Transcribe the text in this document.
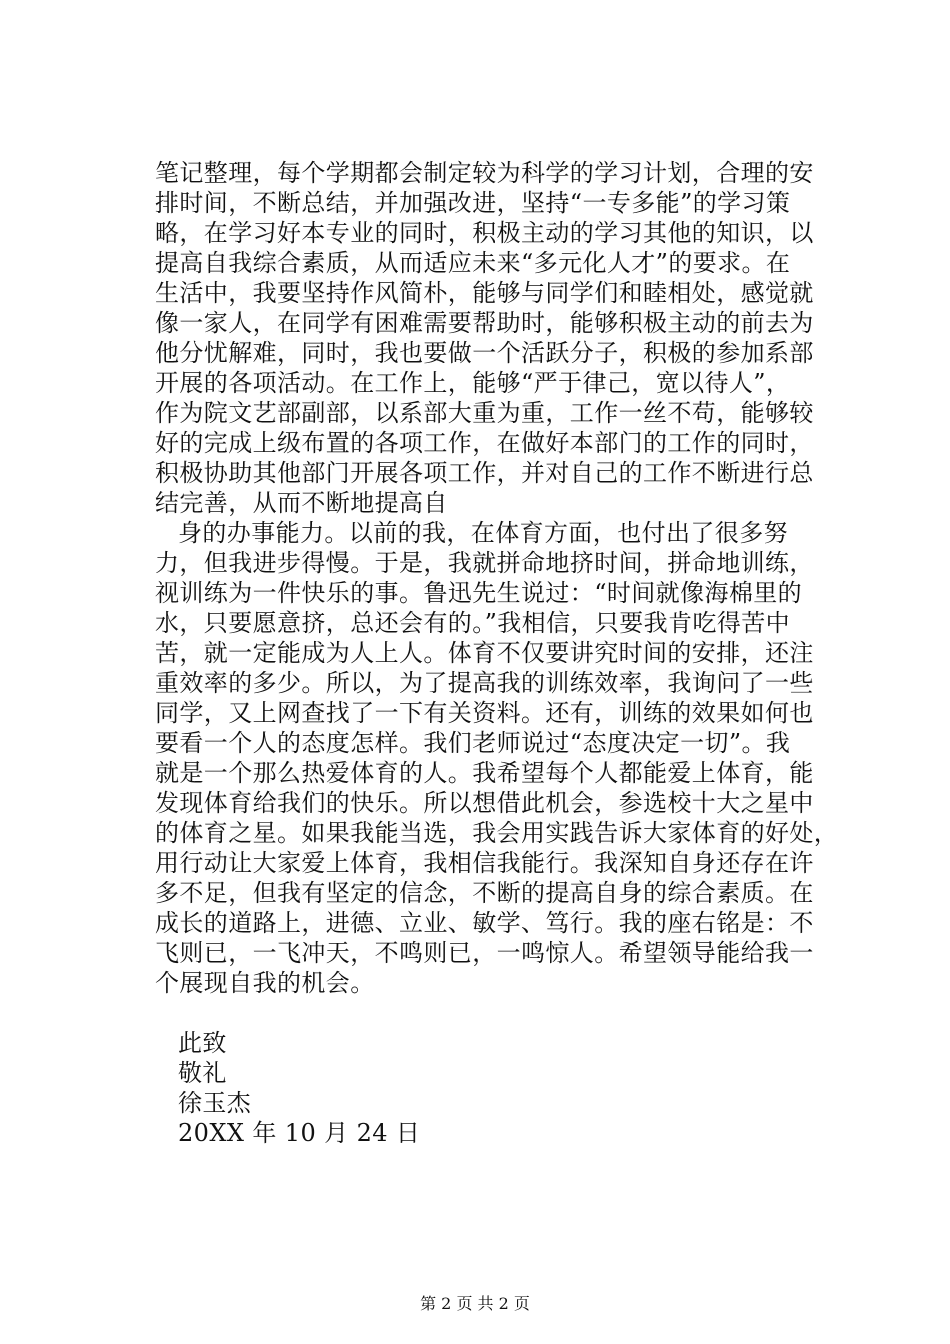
笔记整理，每个学期都会制定较为科学的学习计划，合理的安
排时间，不断总结，并加强改进，坚持“一专多能”的学习策
略，在学习好本专业的同时，积极主动的学习其他的知识，以
提高自我综合素质，从而适应未来“多元化人才”的要求。在
生活中，我要坚持作风简朴，能够与同学们和睦相处，感觉就
像一家人，在同学有困难需要帮助时，能够积极主动的前去为
他分忧解难，同时，我也要做一个活跃分子，积极的参加系部
开展的各项活动。在工作上，能够“严于律己，宽以待人”，
作为院文艺部副部，以系部大重为重，工作一丝不苟，能够较
好的完成上级布置的各项工作，在做好本部门的工作的同时，
积极协助其他部门开展各项工作，并对自己的工作不断进行总
结完善，从而不断地提高自
身的办事能力。以前的我，在体育方面，也付出了很多努
力，但我进步得慢。于是，我就拼命地挤时间，拼命地训练，
视训练为一件快乐的事。鲁迅先生说过：“时间就像海棉里的
水，只要愿意挤，总还会有的。”我相信，只要我肯吃得苦中
苦，就一定能成为人上人。体育不仅要讲究时间的安排，还注
重效率的多少。所以，为了提高我的训练效率，我询问了一些
同学，又上网查找了一下有关资料。还有，训练的效果如何也
要看一个人的态度怎样。我们老师说过“态度决定一切”。我
就是一个那么热爱体育的人。我希望每个人都能爱上体育，能
发现体育给我们的快乐。所以想借此机会，参选校十大之星中
的体育之星。如果我能当选，我会用实践告诉大家体育的好处，
用行动让大家爱上体育，我相信我能行。我深知自身还存在许
多不足，但我有坚定的信念，不断的提高自身的综合素质。在
成长的道路上，进德、立业、敏学、笃行。我的座右铭是：不
飞则已，一飞冲天，不鸣则已，一鸣惊人。希望领导能给我一
个展现自我的机会。
此致
敬礼
徐玉杰
20XX 年 10 月 24 日
第 2 页 共 2 页
